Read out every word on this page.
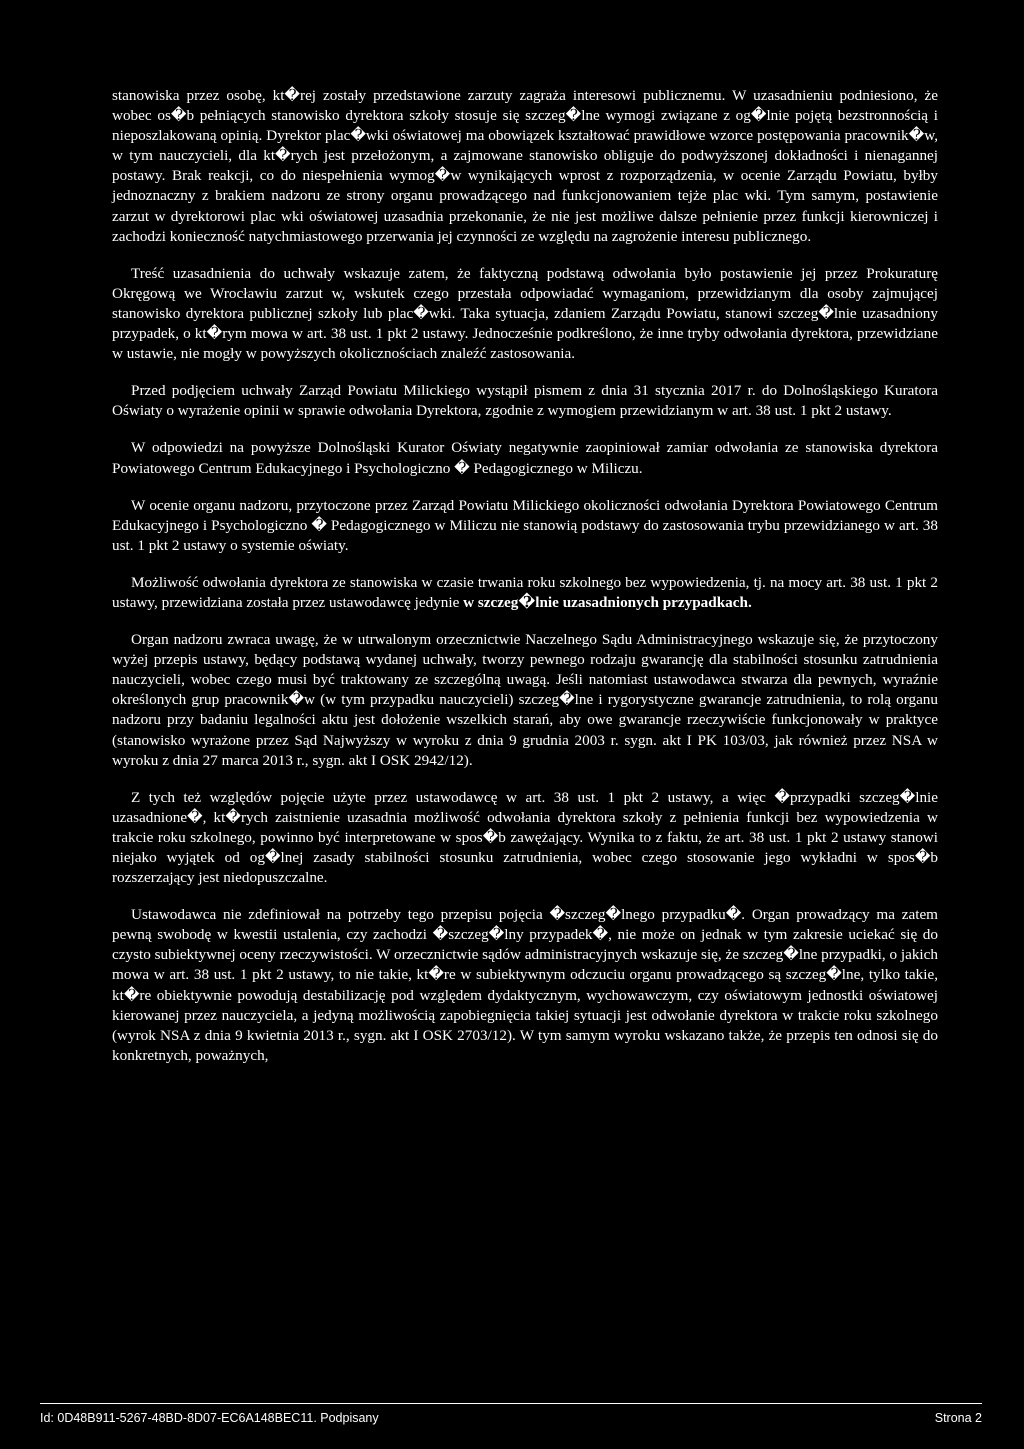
stanowiska przez osobę, kt�rej zostały przedstawione zarzuty zagraża interesowi publicznemu. W uzasadnieniu podniesiono, że wobec os�b pełniących stanowisko dyrektora szkoły stosuje się szczeg�lne wymogi związane z og�lnie pojętą bezstronnością i nieposzlakowaną opinią. Dyrektor plac�wki oświatowej ma obowiązek kształtować prawidłowe wzorce postępowania pracownik�w, w tym nauczycieli, dla kt�rych jest przełożonym, a zajmowane stanowisko obliguje do podwyższonej dokładności i nienagannej postawy. Brak reakcji, co do niespełnienia wymog�w wynikających wprost z rozporządzenia, w ocenie Zarządu Powiatu, byłby jednoznaczny z brakiem nadzoru ze strony organu prowadzącego nad funkcjonowaniem tejże plac wki. Tym samym, postawienie zarzut w dyrektorowi plac wki oświatowej uzasadnia przekonanie, że nie jest możliwe dalsze pełnienie przez funkcji kierowniczej i zachodzi konieczność natychmiastowego przerwania jej czynności ze względu na zagrożenie interesu publicznego.

Treść uzasadnienia do uchwały wskazuje zatem, że faktyczną podstawą odwołania było postawienie jej przez Prokuraturę Okręgową we Wrocławiu zarzut w, wskutek czego przestała odpowiadać wymaganiom, przewidzianym dla osoby zajmującej stanowisko dyrektora publicznej szkoły lub plac�wki. Taka sytuacja, zdaniem Zarządu Powiatu, stanowi szczeg�lnie uzasadniony przypadek, o kt�rym mowa w art. 38 ust. 1 pkt 2 ustawy. Jednocześnie podkreślono, że inne tryby odwołania dyrektora, przewidziane w ustawie, nie mogły w powyższych okolicznościach znaleźć zastosowania.

Przed podjęciem uchwały Zarząd Powiatu Milickiego wystąpił pismem z dnia 31 stycznia 2017 r. do Dolnośląskiego Kuratora Oświaty o wyrażenie opinii w sprawie odwołania Dyrektora, zgodnie z wymogiem przewidzianym w art. 38 ust. 1 pkt 2 ustawy.

W odpowiedzi na powyższe Dolnośląski Kurator Oświaty negatywnie zaopiniował zamiar odwołania ze stanowiska dyrektora Powiatowego Centrum Edukacyjnego i Psychologiczno � Pedagogicznego w Miliczu.

W ocenie organu nadzoru, przytoczone przez Zarząd Powiatu Milickiego okoliczności odwołania Dyrektora Powiatowego Centrum Edukacyjnego i Psychologiczno � Pedagogicznego w Miliczu nie stanowią podstawy do zastosowania trybu przewidzianego w art. 38 ust. 1 pkt 2 ustawy o systemie oświaty.

Możliwość odwołania dyrektora ze stanowiska w czasie trwania roku szkolnego bez wypowiedzenia, tj. na mocy art. 38 ust. 1 pkt 2 ustawy, przewidziana została przez ustawodawcę jedynie w szczeg�lnie uzasadnionych przypadkach.

Organ nadzoru zwraca uwagę, że w utrwalonym orzecznictwie Naczelnego Sądu Administracyjnego wskazuje się, że przytoczony wyżej przepis ustawy, będący podstawą wydanej uchwały, tworzy pewnego rodzaju gwarancję dla stabilności stosunku zatrudnienia nauczycieli, wobec czego musi być traktowany ze szczególną uwagą. Jeśli natomiast ustawodawca stwarza dla pewnych, wyraźnie określonych grup pracownik�w (w tym przypadku nauczycieli) szczeg�lne i rygorystyczne gwarancje zatrudnienia, to rolą organu nadzoru przy badaniu legalności aktu jest dołożenie wszelkich starań, aby owe gwarancje rzeczywiście funkcjonowały w praktyce (stanowisko wyrażone przez Sąd Najwyższy w wyroku z dnia 9 grudnia 2003 r. sygn. akt I PK 103/03, jak również przez NSA w wyroku z dnia 27 marca 2013 r., sygn. akt I OSK 2942/12).

Z tych też względów pojęcie użyte przez ustawodawcę w art. 38 ust. 1 pkt 2 ustawy, a więc �przypadki szczeg�lnie uzasadnione�, kt�rych zaistnienie uzasadnia możliwość odwołania dyrektora szkoły z pełnienia funkcji bez wypowiedzenia w trakcie roku szkolnego, powinno być interpretowane w spos�b zawężający. Wynika to z faktu, że art. 38 ust. 1 pkt 2 ustawy stanowi niejako wyjątek od og�lnej zasady stabilności stosunku zatrudnienia, wobec czego stosowanie jego wykładni w spos�b rozszerzający jest niedopuszczalne.

Ustawodawca nie zdefiniował na potrzeby tego przepisu pojęcia �szczeg�lnego przypadku�. Organ prowadzący ma zatem pewną swobodę w kwestii ustalenia, czy zachodzi �szczeg�lny przypadek�, nie może on jednak w tym zakresie uciekać się do czysto subiektywnej oceny rzeczywistości. W orzecznictwie sądów administracyjnych wskazuje się, że szczeg�lne przypadki, o jakich mowa w art. 38 ust. 1 pkt 2 ustawy, to nie takie, kt�re w subiektywnym odczuciu organu prowadzącego są szczeg�lne, tylko takie, kt�re obiektywnie powodują destabilizację pod względem dydaktycznym, wychowawczym, czy oświatowym jednostki oświatowej kierowanej przez nauczyciela, a jedyną możliwością zapobiegnięcia takiej sytuacji jest odwołanie dyrektora w trakcie roku szkolnego (wyrok NSA z dnia 9 kwietnia 2013 r., sygn. akt I OSK 2703/12). W tym samym wyroku wskazano także, że przepis ten odnosi się do konkretnych, poważnych,

Id: 0D48B911-5267-48BD-8D07-EC6A148BEC11. Podpisany	Strona 2
